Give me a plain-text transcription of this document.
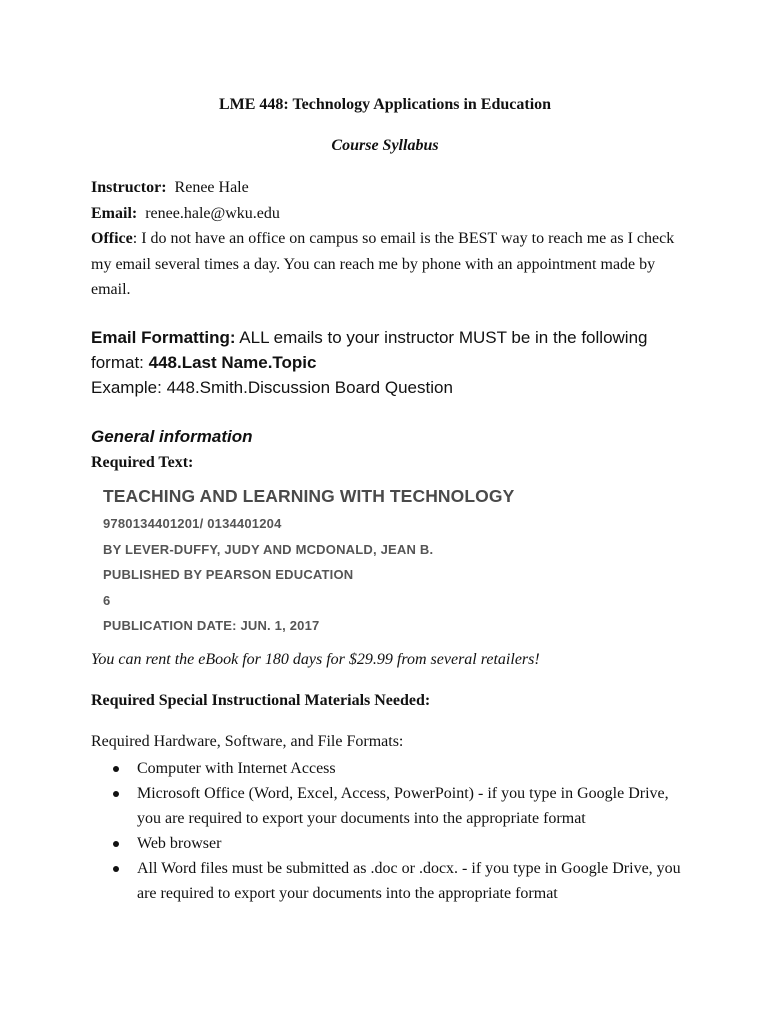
LME 448: Technology Applications in Education
Course Syllabus
Instructor: Renee Hale
Email: renee.hale@wku.edu
Office: I do not have an office on campus so email is the BEST way to reach me as I check my email several times a day. You can reach me by phone with an appointment made by email.
Email Formatting: ALL emails to your instructor MUST be in the following format: 448.Last Name.Topic
Example: 448.Smith.Discussion Board Question
General information
Required Text:
TEACHING AND LEARNING WITH TECHNOLOGY
9780134401201/ 0134401204
BY LEVER-DUFFY, JUDY AND MCDONALD, JEAN B.
PUBLISHED BY PEARSON EDUCATION
6
PUBLICATION DATE: JUN. 1, 2017
You can rent the eBook for 180 days for $29.99 from several retailers!
Required Special Instructional Materials Needed:
Required Hardware, Software, and File Formats:
Computer with Internet Access
Microsoft Office (Word, Excel, Access, PowerPoint) - if you type in Google Drive, you are required to export your documents into the appropriate format
Web browser
All Word files must be submitted as .doc or .docx. - if you type in Google Drive, you are required to export your documents into the appropriate format
